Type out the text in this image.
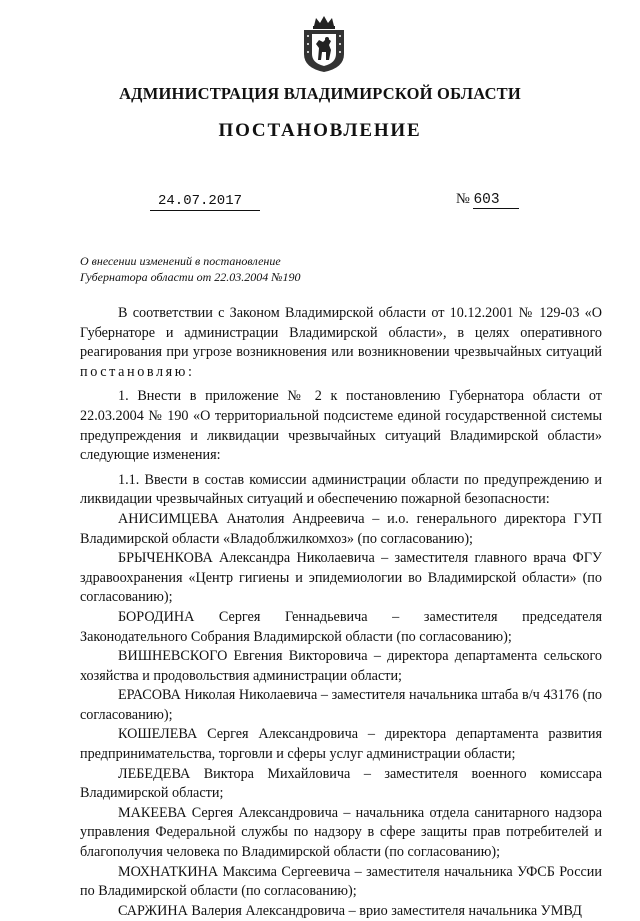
АДМИНИСТРАЦИЯ ВЛАДИМИРСКОЙ ОБЛАСТИ
ПОСТАНОВЛЕНИЕ
24.07.2017	№ 603
О внесении изменений в постановление
Губернатора области от 22.03.2004 №190

В соответствии с Законом Владимирской области от 10.12.2001 № 129-03 «О Губернаторе и администрации Владимирской области», в целях оперативного реагирования при угрозе возникновения или возникновении чрезвычайных ситуаций постановляю:

1. Внести в приложение № 2 к постановлению Губернатора области от 22.03.2004 № 190 «О территориальной подсистеме единой государственной системы предупреждения и ликвидации чрезвычайных ситуаций Владимирской области» следующие изменения:

1.1. Ввести в состав комиссии администрации области по предупреждению и ликвидации чрезвычайных ситуаций и обеспечению пожарной безопасности:

АНИСИМЦЕВА Анатолия Андреевича – и.о. генерального директора ГУП Владимирской области «Владоблжилкомхоз» (по согласованию);

БРЫЧЕНКОВА Александра Николаевича – заместителя главного врача ФГУ здравоохранения «Центр гигиены и эпидемиологии во Владимирской области» (по согласованию);

БОРОДИНА Сергея Геннадьевича – заместителя председателя Законодательного Собрания Владимирской области (по согласованию);

ВИШНЕВСКОГО Евгения Викторовича – директора департамента сельского хозяйства и продовольствия администрации области;

ЕРАСОВА Николая Николаевича – заместителя начальника штаба в/ч 43176 (по согласованию);

КОШЕЛЕВА Сергея Александровича – директора департамента развития предпринимательства, торговли и сферы услуг администрации области;

ЛЕБЕДЕВА Виктора Михайловича – заместителя военного комиссара Владимирской области;

МАКЕЕВА Сергея Александровича – начальника отдела санитарного надзора управления Федеральной службы по надзору в сфере защиты прав потребителей и благополучия человека по Владимирской области (по согласованию);

МОХНАТКИНА Максима Сергеевича – заместителя начальника УФСБ России по Владимирской области (по согласованию);

САРЖИНА Валерия Александровича – врио заместителя начальника УМВД
